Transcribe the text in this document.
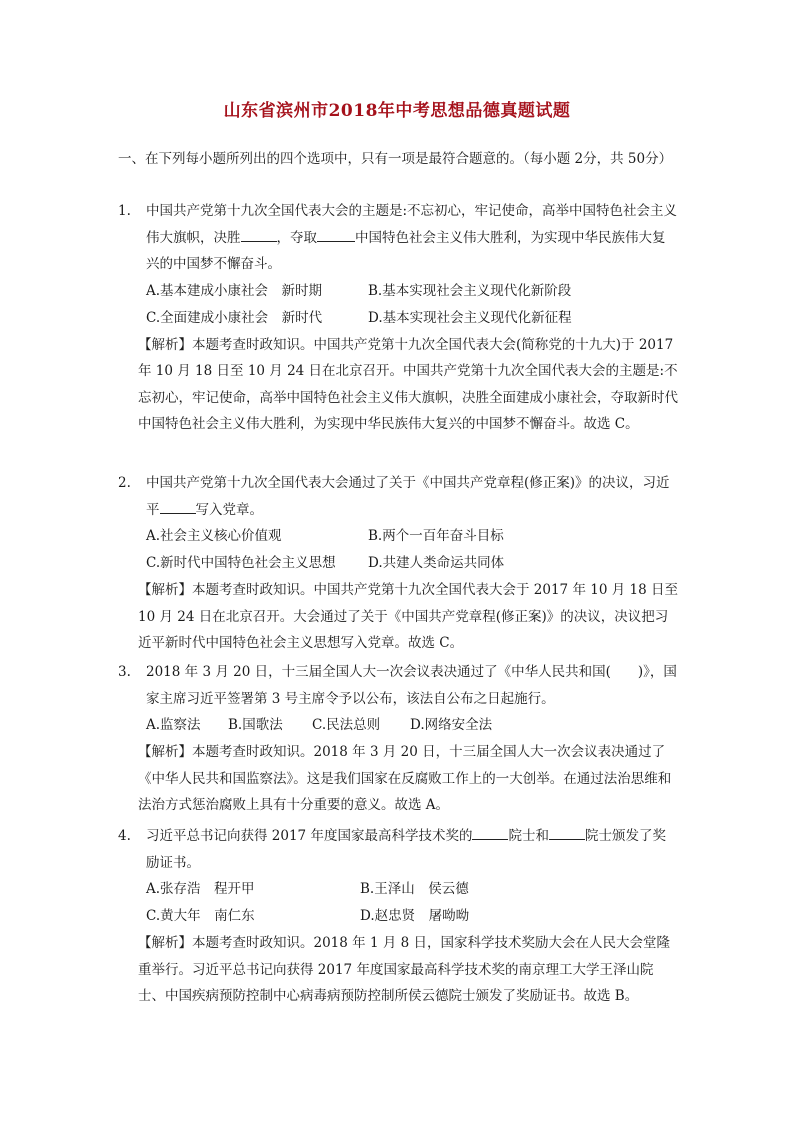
山东省滨州市2018年中考思想品德真题试题
一、在下列每小题所列出的四个选项中，只有一项是最符合题意的。（每小题 2分，共 50分）
1. 中国共产党第十九次全国代表大会的主题是:不忘初心，牢记使命，高举中国特色社会主义伟大旗帜，决胜	，夺取	中国特色社会主义伟大胜利，为实现中华民族伟大复兴的中国梦不懈奋斗。
A.基本建成小康社会　新时期	B.基本实现社会主义现代化新阶段
C.全面建成小康社会　新时代	D.基本实现社会主义现代化新征程
【解析】本题考查时政知识。中国共产党第十九次全国代表大会(简称党的十九大)于 2017 年 10 月 18 日至 10 月 24 日在北京召开。中国共产党第十九次全国代表大会的主题是:不忘初心，牢记使命，高举中国特色社会主义伟大旗帜，决胜全面建成小康社会，夺取新时代中国特色社会主义伟大胜利，为实现中华民族伟大复兴的中国梦不懈奋斗。故选 C。
2. 中国共产党第十九次全国代表大会通过了关于《中国共产党章程(修正案)》的决议，习近平	写入党章。
A.社会主义核心价值观	B.两个一百年奋斗目标
C.新时代中国特色社会主义思想 D.共建人类命运共同体
【解析】本题考查时政知识。中国共产党第十九次全国代表大会于 2017 年 10 月 18 日至 10 月 24 日在北京召开。大会通过了关于《中国共产党章程(修正案)》的决议，决议把习近平新时代中国特色社会主义思想写入党章。故选 C。
3. 2018 年 3 月 20 日，十三届全国人大一次会议表决通过了《中华人民共和国(　　)》，国家主席习近平签署第 3 号主席令予以公布，该法自公布之日起施行。
A.监察法 B.国歌法 C.民法总则 D.网络安全法
【解析】本题考查时政知识。2018 年 3 月 20 日，十三届全国人大一次会议表决通过了《中华人民共和国监察法》。这是我们国家在反腐败工作上的一大创举。在通过法治思维和法治方式惩治腐败上具有十分重要的意义。故选 A。
4. 习近平总书记向获得 2017 年度国家最高科学技术奖的	院士和	院士颁发了奖励证书。
A.张存浩　程开甲	B.王泽山　侯云德
C.黄大年　南仁东	D.赵忠贤　屠呦呦
【解析】本题考查时政知识。2018 年 1 月 8 日，国家科学技术奖励大会在人民大会堂隆重举行。习近平总书记向获得 2017 年度国家最高科学技术奖的南京理工大学王泽山院士、中国疾病预防控制中心病毒病预防控制所侯云德院士颁发了奖励证书。故选 B。
